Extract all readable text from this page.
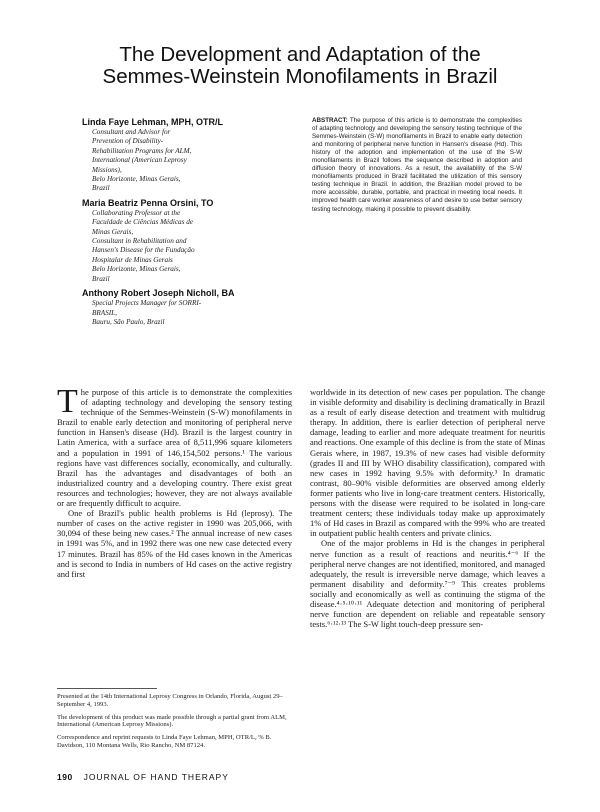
The Development and Adaptation of the
Semmes-Weinstein Monofilaments in Brazil
Linda Faye Lehman, MPH, OTR/L
Consultant and Advisor for
Prevention of Disability-
Rehabilitation Programs for ALM,
International (American Leprosy
Missions),
Belo Horizonte, Minas Gerais,
Brazil
Maria Beatriz Penna Orsini, TO
Collaborating Professor at the
Faculdade de Ciências Médicas de
Minas Gerais,
Consultant in Rehabilitation and
Hansen's Disease for the Fundação
Hospitalar de Minas Gerais
Belo Horizonte, Minas Gerais,
Brazil
Anthony Robert Joseph Nicholl, BA
Special Projects Manager for SORRI-
BRASIL,
Bauru, São Paulo, Brazil
ABSTRACT: The purpose of this article is to demonstrate the complexities of adapting technology and developing the sensory testing technique of the Semmes-Weinstein (S-W) monofilaments in Brazil to enable early detection and monitoring of peripheral nerve function in Hansen's disease (Hd). This history of the adoption and implementation of the use of the S-W monofilaments in Brazil follows the sequence described in adoption and diffusion theory of innovations. As a result, the availability of the S-W monofilaments produced in Brazil facilitated the utilization of this sensory testing technique in Brazil. In addition, the Brazilian model proved to be more accessible, durable, portable, and practical in meeting local needs. It improved health care worker awareness of and desire to use better sensory testing technology, making it possible to prevent disability.

The purpose of this article is to demonstrate the complexities of adapting technology and developing the sensory testing technique of the Semmes-Weinstein (S-W) monofilaments in Brazil to enable early detection and monitoring of peripheral nerve function in Hansen's disease (Hd). Brazil is the largest country in Latin America, with a surface area of 8,511,996 square kilometers and a population in 1991 of 146,154,502 persons.¹ The various regions have vast differences socially, economically, and culturally. Brazil has the advantages and disadvantages of both an industrialized country and a developing country. There exist great resources and technologies; however, they are not always available or are frequently difficult to acquire.

One of Brazil's public health problems is Hd (leprosy). The number of cases on the active register in 1990 was 205,066, with 30,094 of these being new cases.² The annual increase of new cases in 1991 was 5%, and in 1992 there was one new case detected every 17 minutes. Brazil has 85% of the Hd cases known in the Americas and is second to India in numbers of Hd cases on the active registry and first

worldwide in its detection of new cases per population. The change in visible deformity and disability is declining dramatically in Brazil as a result of early disease detection and treatment with multidrug therapy. In addition, there is earlier detection of peripheral nerve damage, leading to earlier and more adequate treatment for neuritis and reactions. One example of this decline is from the state of Minas Gerais where, in 1987, 19.3% of new cases had visible deformity (grades II and III by WHO disability classification), compared with new cases in 1992 having 9.5% with deformity.³ In dramatic contrast, 80–90% visible deformities are observed among elderly former patients who live in long-care treatment centers. Historically, persons with the disease were required to be isolated in long-care treatment centers; these individuals today make up approximately 1% of Hd cases in Brazil as compared with the 99% who are treated in outpatient public health centers and private clinics.

One of the major problems in Hd is the changes in peripheral nerve function as a result of reactions and neuritis.⁴⁻⁶ If the peripheral nerve changes are not identified, monitored, and managed adequately, the result is irreversible nerve damage, which leaves a permanent disability and deformity.⁷⁻⁹ This creates problems socially and economically as well as continuing the stigma of the disease.⁴·⁵·¹⁰·¹¹ Adequate detection and monitoring of peripheral nerve function are dependent on reliable and repeatable sensory tests.⁶·¹²·¹³ The S-W light touch-deep pressure sen-

Presented at the 14th International Leprosy Congress in Orlando, Florida, August 29–September 4, 1993.

The development of this product was made possible through a partial grant from ALM, International (American Leprosy Missions).

Correspondence and reprint requests to Linda Faye Lehman, MPH, OTR/L, % B. Davidson, 110 Montana Wells, Rio Rancho, NM 87124.

190 JOURNAL OF HAND THERAPY
